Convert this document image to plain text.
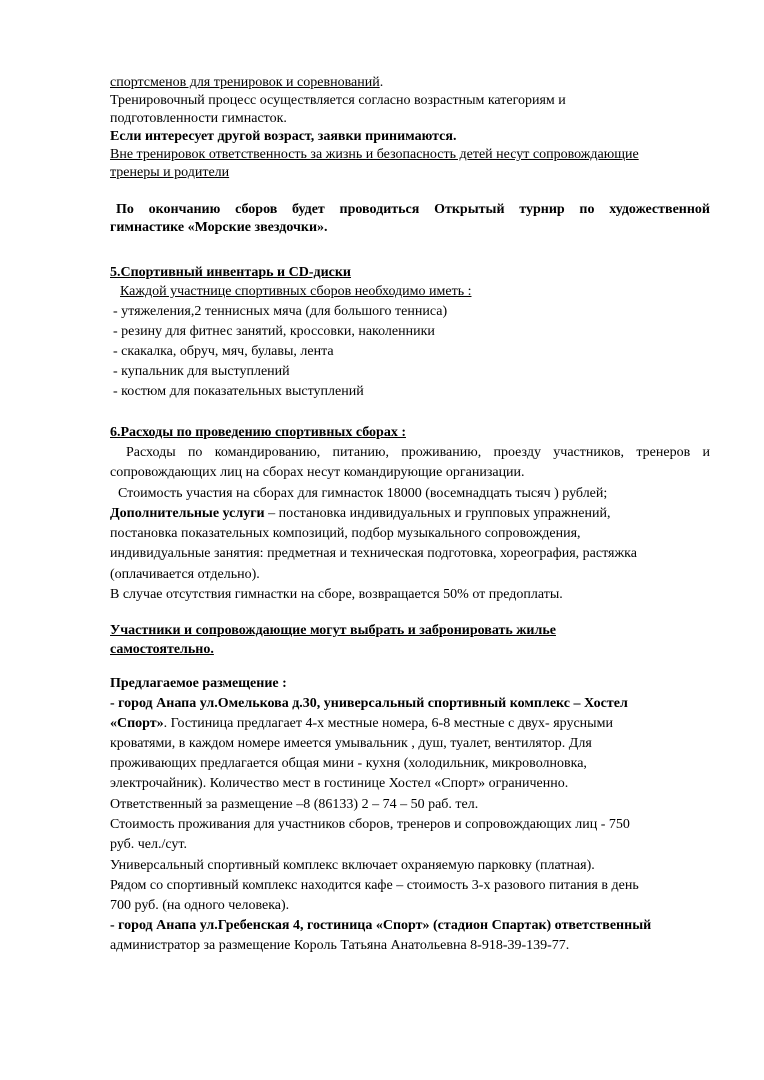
спортсменов для тренировок и соревнований.
Тренировочный процесс осуществляется согласно возрастным категориям и
подготовленности гимнасток.
Если интересует другой возраст, заявки принимаются.
Вне тренировок ответственность за жизнь и безопасность детей несут сопровождающие
тренеры и родители
По окончанию сборов будет проводиться Открытый турнир по художественной
гимнастике «Морские звездочки».
5.Спортивный инвентарь и CD-диски
Каждой участнице спортивных сборов необходимо иметь :
- утяжеления,2 теннисных мяча (для большого тенниса)
- резину для фитнес занятий, кроссовки, наколенники
- скакалка, обруч, мяч, булавы, лента
- купальник для выступлений
- костюм для показательных выступлений
6.Расходы по проведению спортивных сборах :
Расходы по командированию, питанию, проживанию, проезду участников, тренеров и
сопровождающих лиц на сборах несут командирующие организации.
Стоимость участия на сборах для гимнасток 18000 (восемнадцать тысяч ) рублей;
Дополнительные услуги – постановка индивидуальных и групповых упражнений,
постановка показательных композиций, подбор музыкального сопровождения,
индивидуальные занятия: предметная и техническая подготовка, хореография, растяжка
(оплачивается отдельно).
В случае отсутствия гимнастки на сборе, возвращается 50% от предоплаты.
Участники и сопровождающие могут выбрать и забронировать жилье
самостоятельно.
Предлагаемое размещение :
- город Анапа ул.Омелькова д.30, универсальный спортивный комплекс – Хостел
«Спорт». Гостиница предлагает 4-х местные номера, 6-8 местные с двух- ярусными
кроватями, в каждом номере имеется умывальник , душ, туалет, вентилятор. Для
проживающих предлагается общая мини - кухня (холодильник, микроволновка,
электрочайник). Количество мест в гостинице Хостел «Спорт» ограниченно.
Ответственный за размещение –8 (86133) 2 – 74 – 50 раб. тел.
Стоимость проживания для участников сборов, тренеров и сопровождающих лиц - 750
руб. чел./сут.
Универсальный спортивный комплекс включает охраняемую парковку (платная).
Рядом со спортивный комплекс находится кафе – стоимость 3-х разового питания в день
700 руб. (на одного человека).
- город Анапа ул.Гребенская 4, гостиница «Спорт» (стадион Спартак) ответственный
администратор за размещение Король Татьяна Анатольевна 8-918-39-139-77.
